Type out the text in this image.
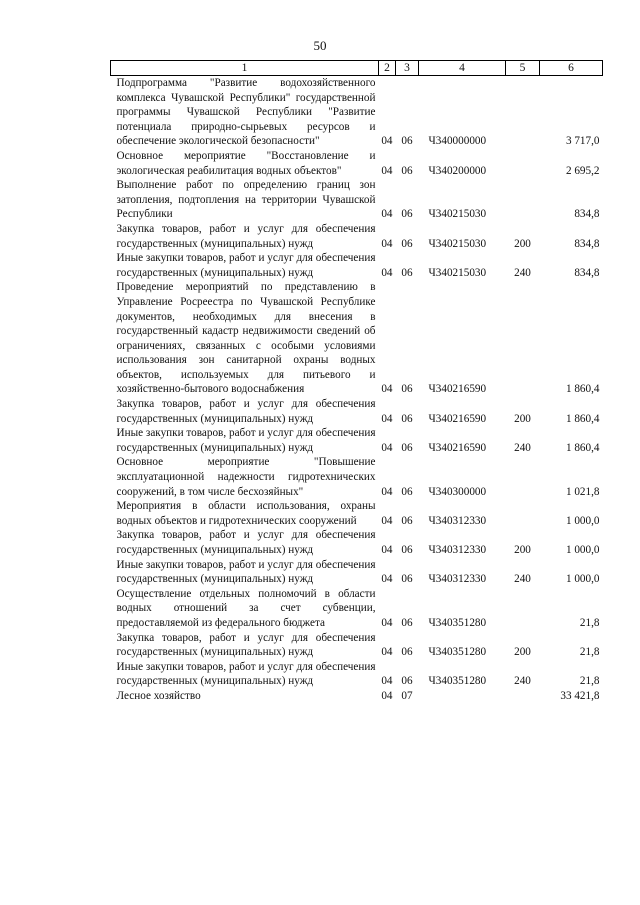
50
1	2	3	4	5	6
Подпрограмма "Развитие водохозяйственного комплекса Чувашской Республики" государственной программы Чувашской Республики "Развитие потенциала природно-сырьевых ресурсов и обеспечение экологической безопасности"	04	06	Ч340000000		3 717,0
Основное мероприятие "Восстановление и экологическая реабилитация водных объектов"	04	06	Ч340200000		2 695,2
Выполнение работ по определению границ зон затопления, подтопления на территории Чувашской Республики	04	06	Ч340215030		834,8
Закупка товаров, работ и услуг для обеспечения государственных (муниципальных) нужд	04	06	Ч340215030	200	834,8
Иные закупки товаров, работ и услуг для обеспечения государственных (муниципальных) нужд	04	06	Ч340215030	240	834,8
Проведение мероприятий по представлению в Управление Росреестра по Чувашской Республике документов, необходимых для внесения в государственный кадастр недвижимости сведений об ограничениях, связанных с особыми условиями использования зон санитарной охраны водных объектов, используемых для питьевого и хозяйственно-бытового водоснабжения	04	06	Ч340216590		1 860,4
Закупка товаров, работ и услуг для обеспечения государственных (муниципальных) нужд	04	06	Ч340216590	200	1 860,4
Иные закупки товаров, работ и услуг для обеспечения государственных (муниципальных) нужд	04	06	Ч340216590	240	1 860,4
Основное мероприятие "Повышение эксплуатационной надежности гидротехнических сооружений, в том числе бесхозяйных"	04	06	Ч340300000		1 021,8
Мероприятия в области использования, охраны водных объектов и гидротехнических сооружений	04	06	Ч340312330		1 000,0
Закупка товаров, работ и услуг для обеспечения государственных (муниципальных) нужд	04	06	Ч340312330	200	1 000,0
Иные закупки товаров, работ и услуг для обеспечения государственных (муниципальных) нужд	04	06	Ч340312330	240	1 000,0
Осуществление отдельных полномочий в области водных отношений за счет субвенции, предоставляемой из федерального бюджета	04	06	Ч340351280		21,8
Закупка товаров, работ и услуг для обеспечения государственных (муниципальных) нужд	04	06	Ч340351280	200	21,8
Иные закупки товаров, работ и услуг для обеспечения государственных (муниципальных) нужд	04	06	Ч340351280	240	21,8
Лесное хозяйство	04	07			33 421,8
